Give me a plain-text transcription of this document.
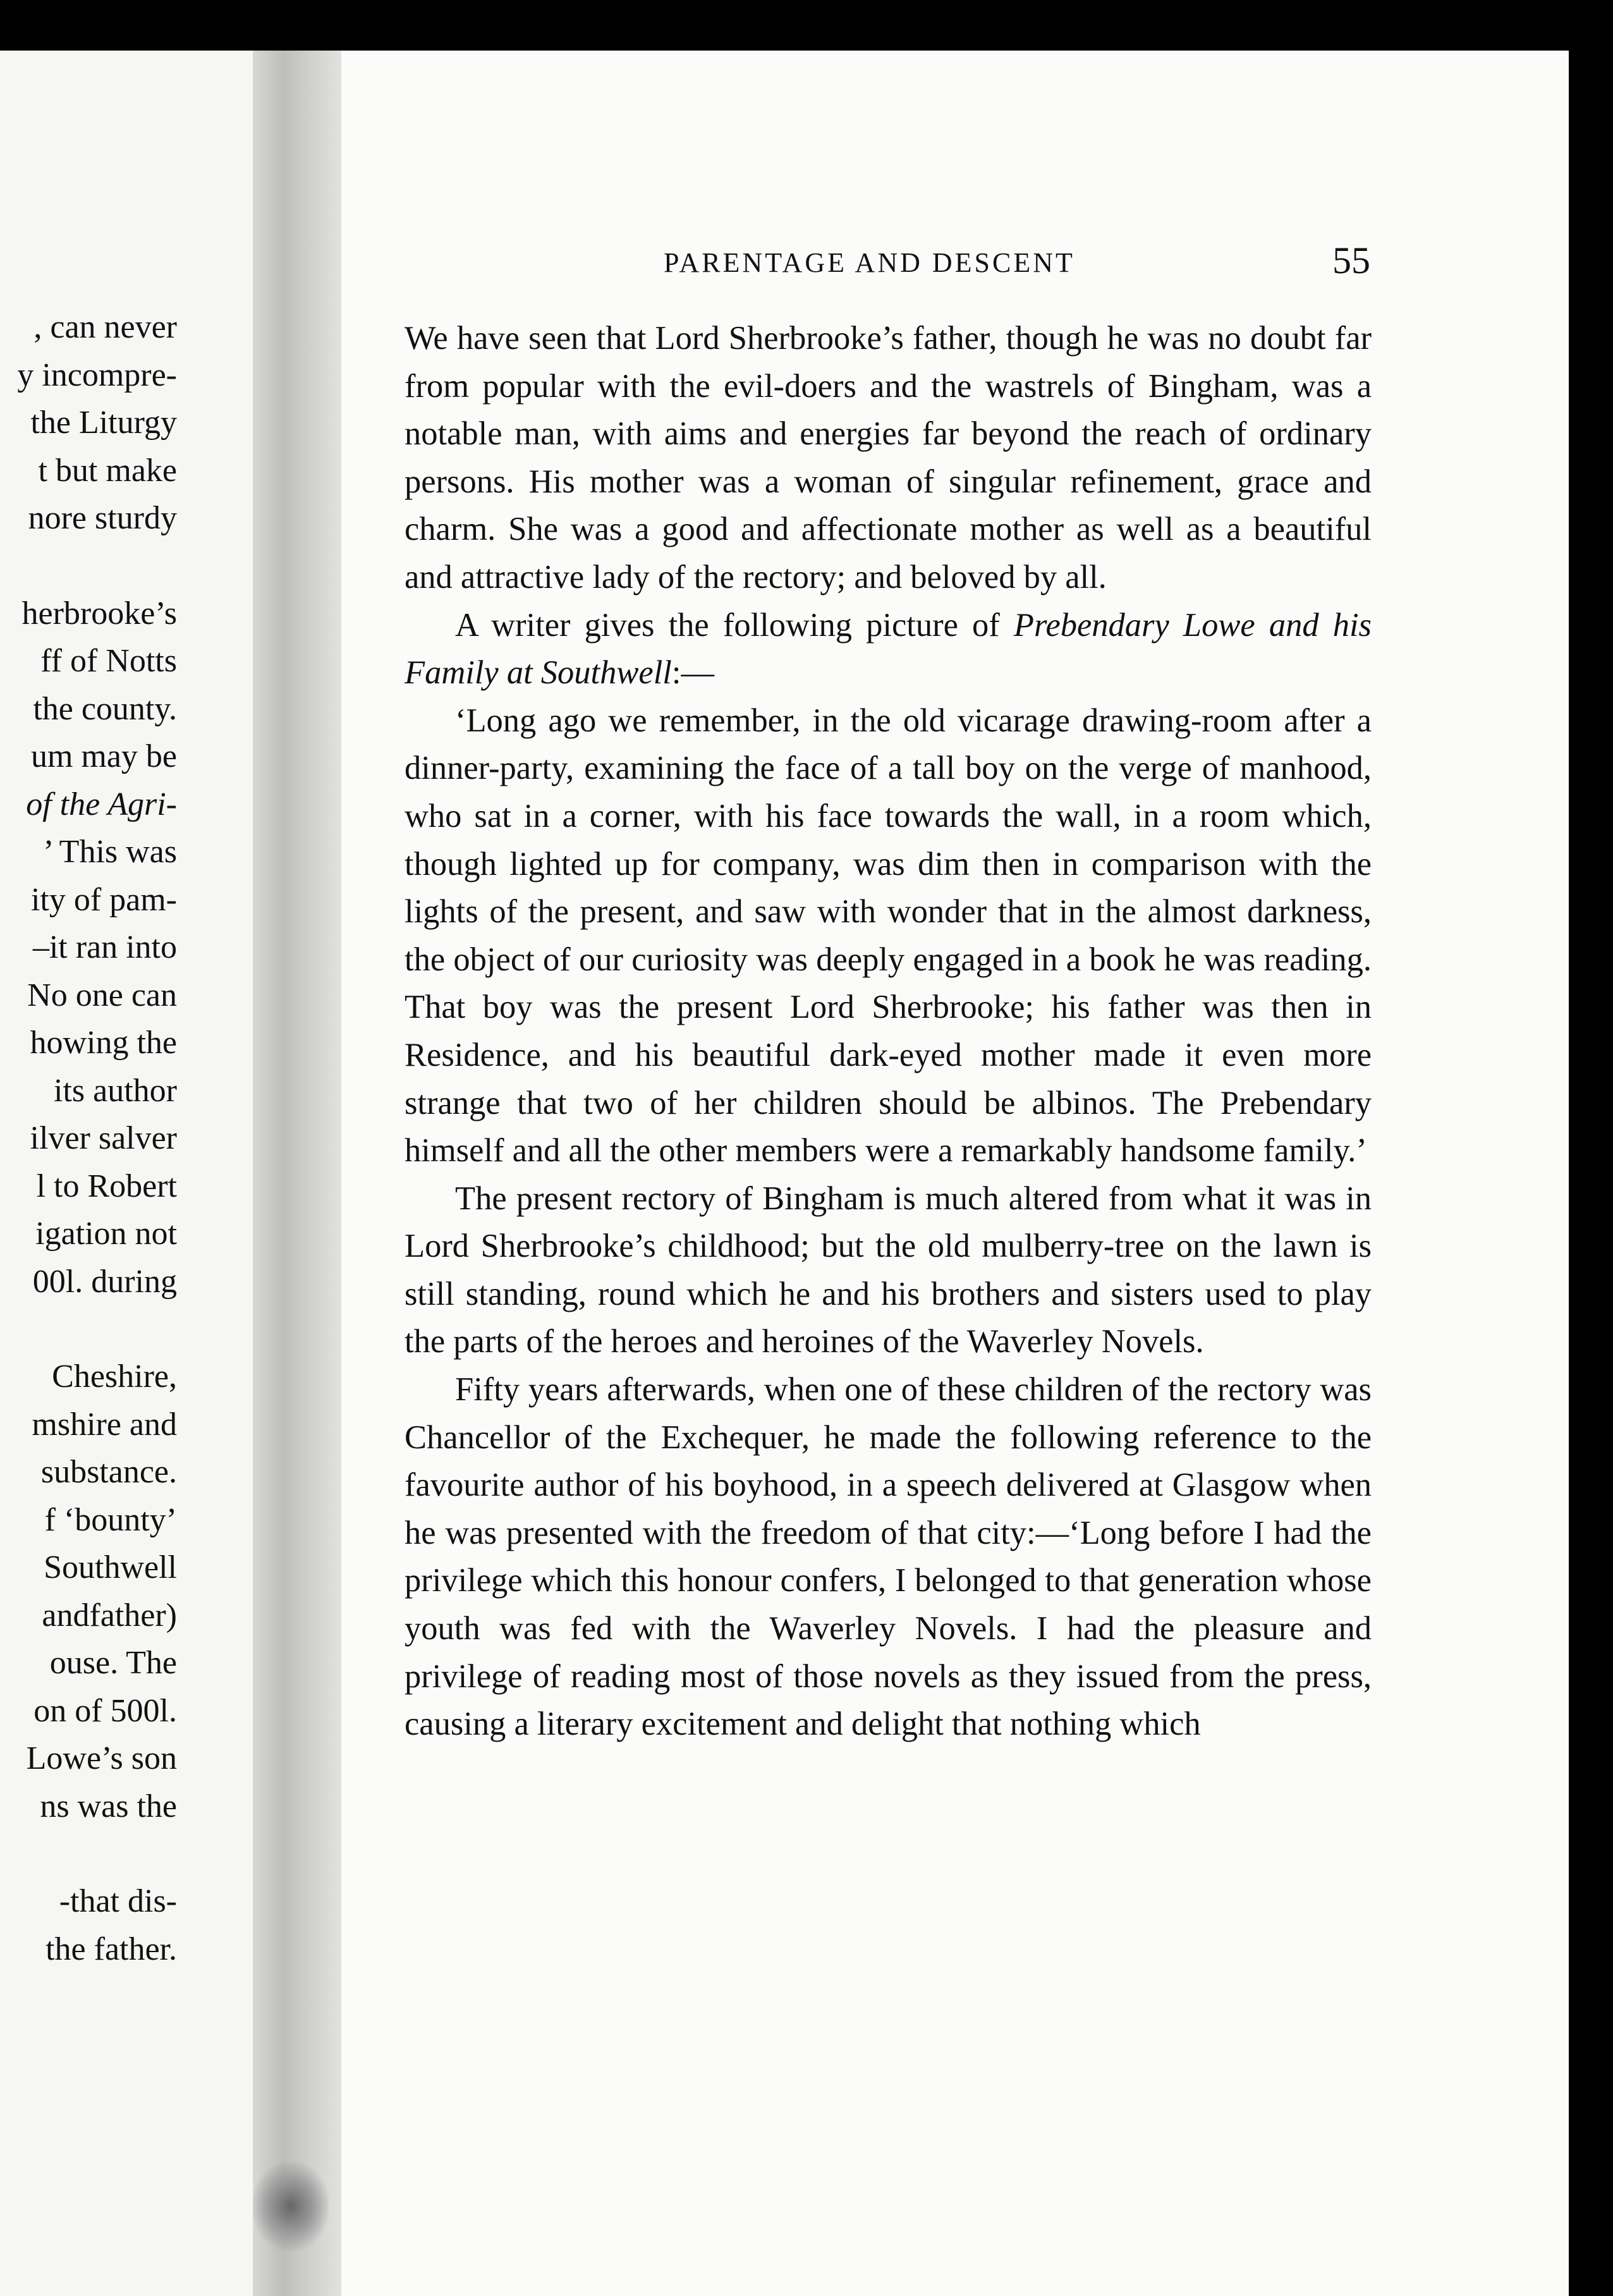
, can never
y incompre-
the Liturgy
t but make
nore sturdy
herbrooke’s
ff of Notts
the county.
um may be
of the Agri-
’ This was
ity of pam-
–it ran into
No one can
howing the
its author
ilver salver
l to Robert
igation not
00l. during
Cheshire,
mshire and
substance.
f ‘bounty’
Southwell
andfather)
ouse. The
on of 500l.
Lowe’s son
ns was the
-that dis-
the father.
PARENTAGE AND DESCENT	55

We have seen that Lord Sherbrooke’s father, though he was no doubt far from popular with the evil-doers and the wastrels of Bingham, was a notable man, with aims and energies far beyond the reach of ordinary persons. His mother was a woman of singular refinement, grace and charm. She was a good and affectionate mother as well as a beautiful and attractive lady of the rectory; and beloved by all.

A writer gives the following picture of Prebendary Lowe and his Family at Southwell:—

‘Long ago we remember, in the old vicarage drawing-room after a dinner-party, examining the face of a tall boy on the verge of manhood, who sat in a corner, with his face towards the wall, in a room which, though lighted up for company, was dim then in comparison with the lights of the present, and saw with wonder that in the almost darkness, the object of our curiosity was deeply engaged in a book he was reading. That boy was the present Lord Sherbrooke; his father was then in Residence, and his beautiful dark-eyed mother made it even more strange that two of her children should be albinos. The Prebendary himself and all the other members were a remarkably handsome family.’

The present rectory of Bingham is much altered from what it was in Lord Sherbrooke’s childhood; but the old mulberry-tree on the lawn is still standing, round which he and his brothers and sisters used to play the parts of the heroes and heroines of the Waverley Novels.

Fifty years afterwards, when one of these children of the rectory was Chancellor of the Exchequer, he made the following reference to the favourite author of his boyhood, in a speech delivered at Glasgow when he was presented with the freedom of that city:—‘Long before I had the privilege which this honour confers, I belonged to that generation whose youth was fed with the Waverley Novels. I had the pleasure and privilege of reading most of those novels as they issued from the press, causing a literary excitement and delight that nothing which
